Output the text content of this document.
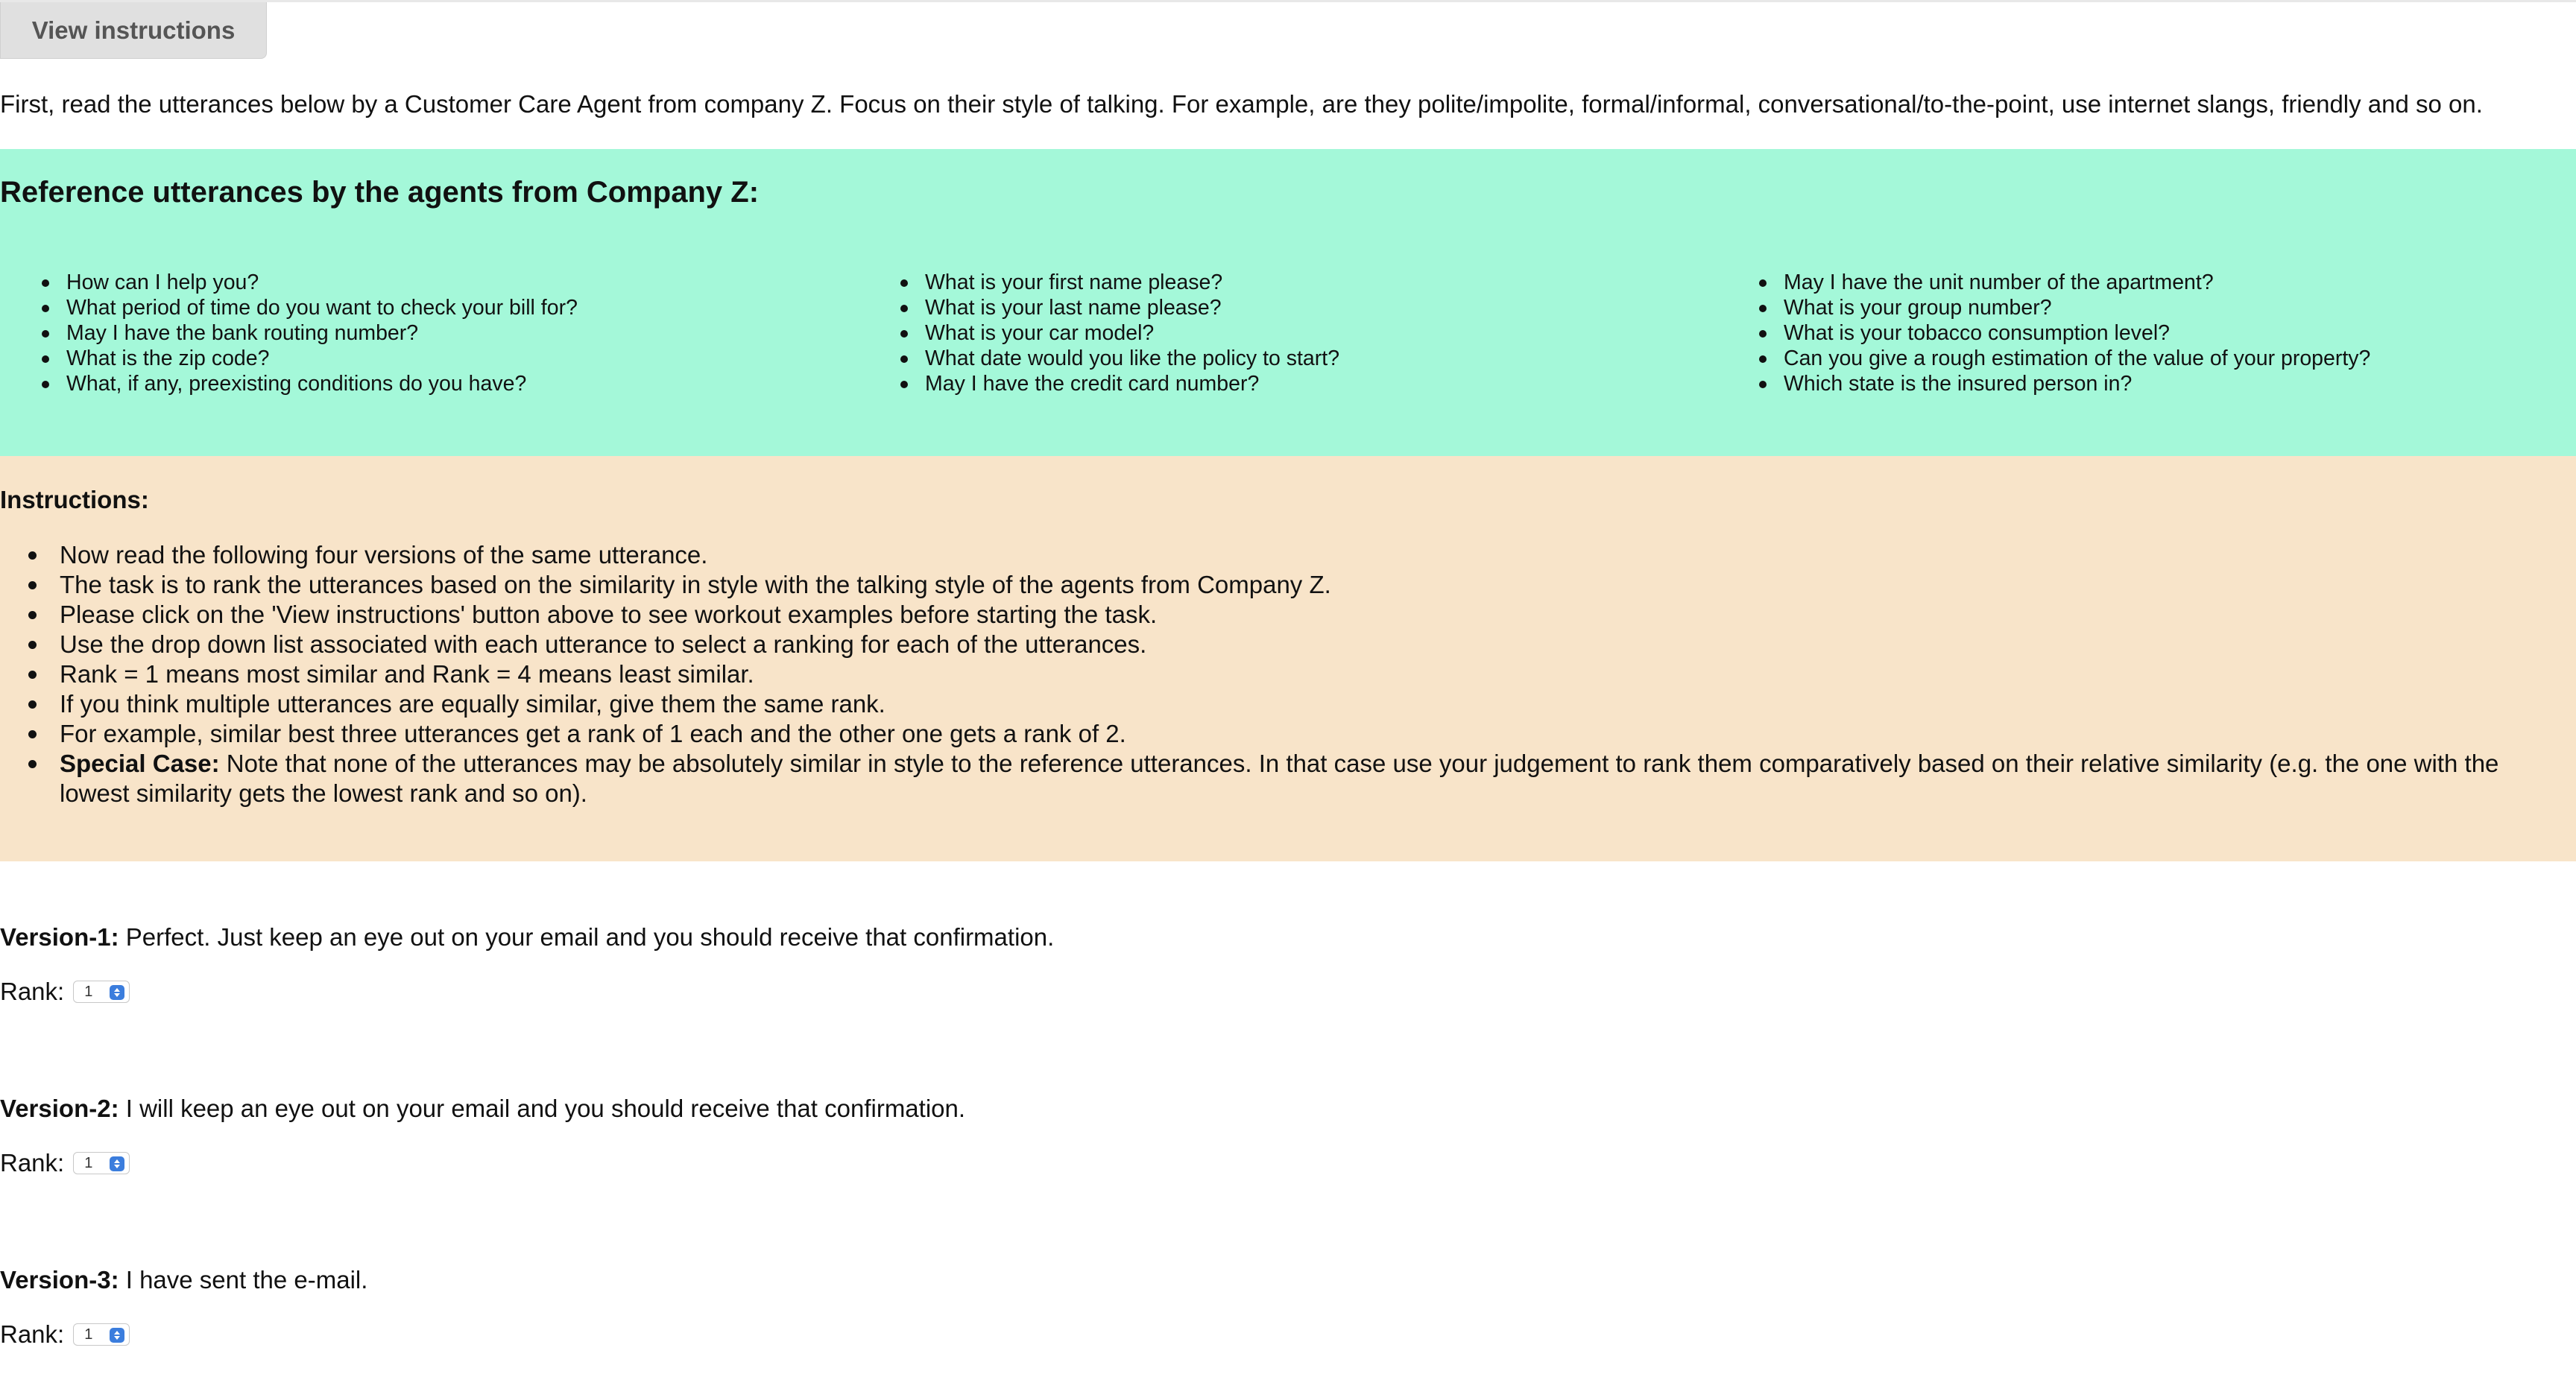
View instructions

First, read the utterances below by a Customer Care Agent from company Z. Focus on their style of talking. For example, are they polite/impolite, formal/informal, conversational/to-the-point, use internet slangs, friendly and so on.

Reference utterances by the agents from Company Z:
How can I help you?
What period of time do you want to check your bill for?
May I have the bank routing number?
What is the zip code?
What, if any, preexisting conditions do you have?
What is your first name please?
What is your last name please?
What is your car model?
What date would you like the policy to start?
May I have the credit card number?
May I have the unit number of the apartment?
What is your group number?
What is your tobacco consumption level?
Can you give a rough estimation of the value of your property?
Which state is the insured person in?
Instructions:
Now read the following four versions of the same utterance.
The task is to rank the utterances based on the similarity in style with the talking style of the agents from Company Z.
Please click on the 'View instructions' button above to see workout examples before starting the task.
Use the drop down list associated with each utterance to select a ranking for each of the utterances.
Rank = 1 means most similar and Rank = 4 means least similar.
If you think multiple utterances are equally similar, give them the same rank.
For example, similar best three utterances get a rank of 1 each and the other one gets a rank of 2.
Special Case: Note that none of the utterances may be absolutely similar in style to the reference utterances. In that case use your judgement to rank them comparatively based on their relative similarity (e.g. the one with the lowest similarity gets the lowest rank and so on).
Version-1: Perfect. Just keep an eye out on your email and you should receive that confirmation.
Rank:	1
Version-2: I will keep an eye out on your email and you should receive that confirmation.
Rank:	1
Version-3: I have sent the e-mail.
Rank:	1
